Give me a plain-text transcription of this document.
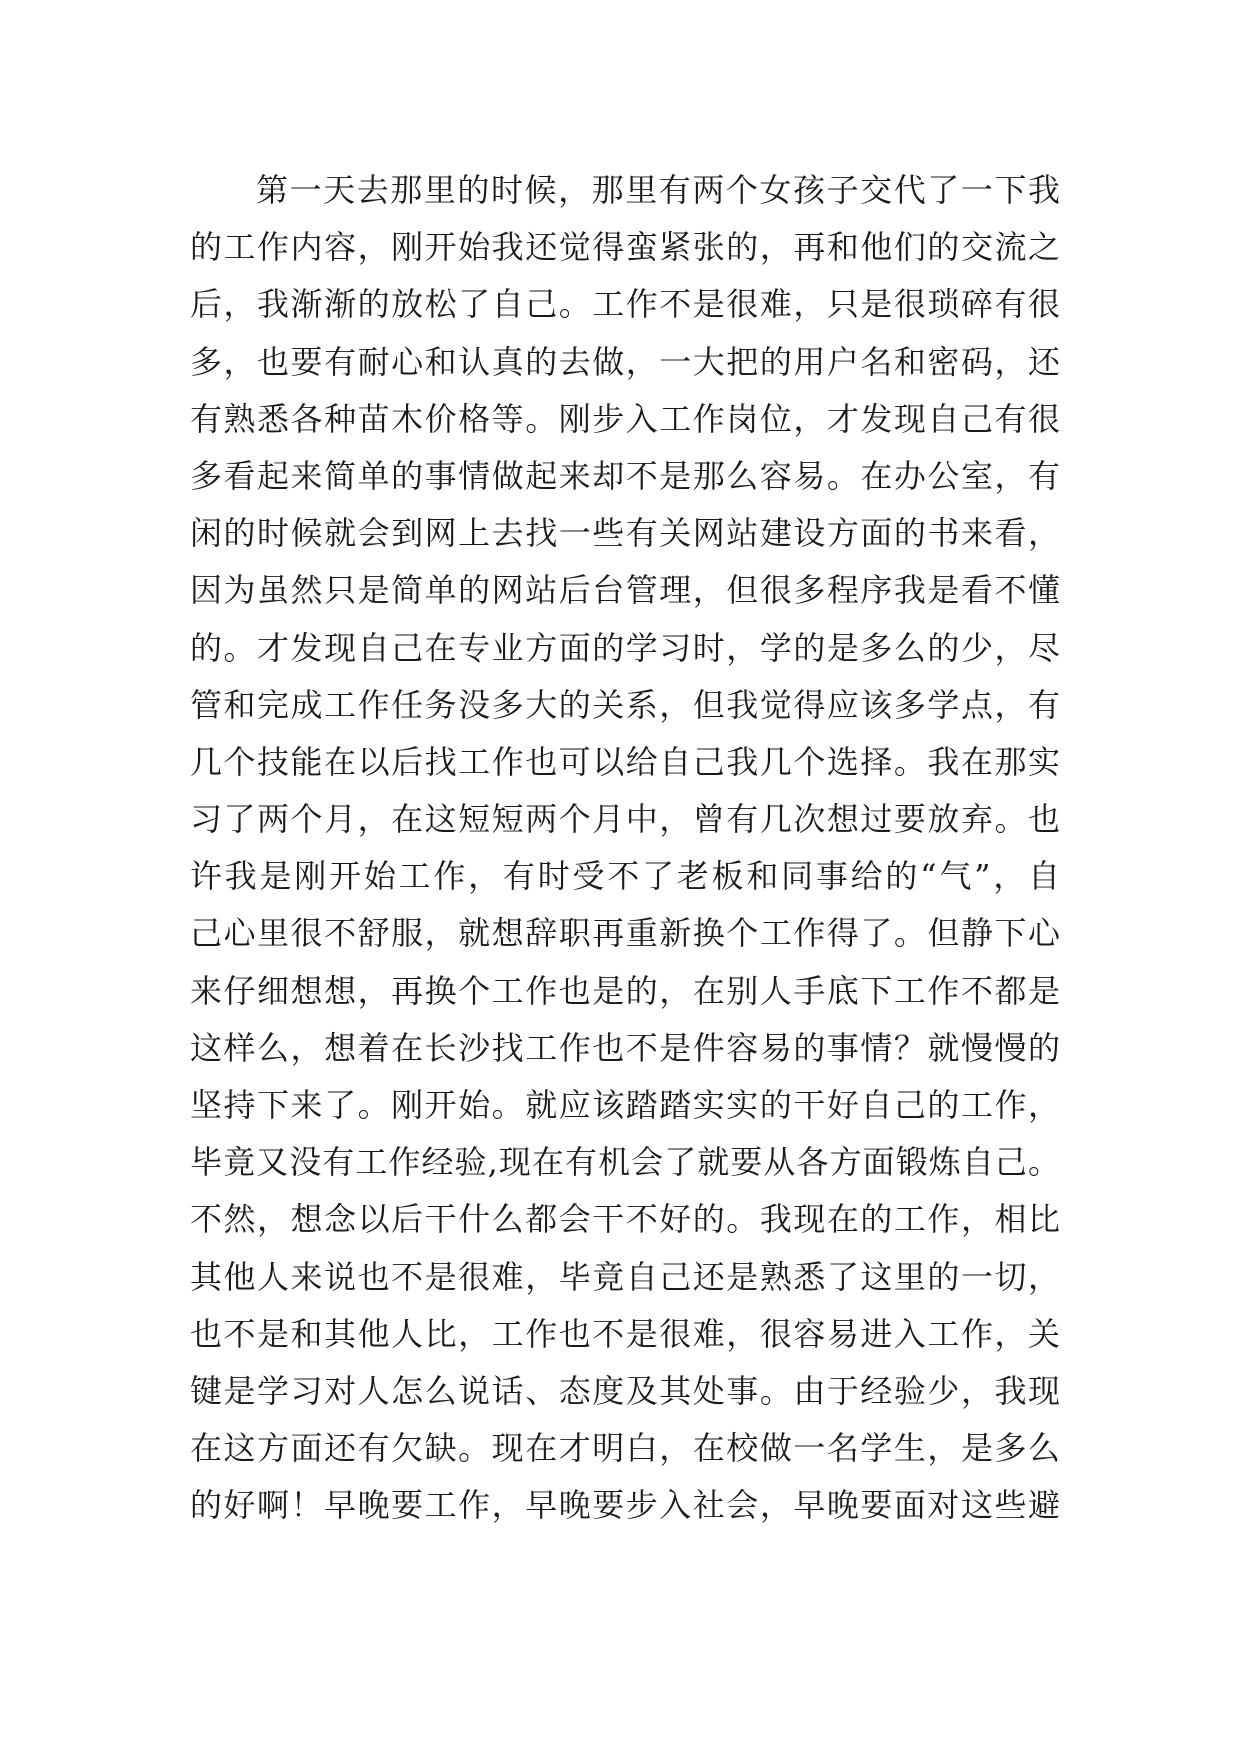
第一天去那里的时候，那里有两个女孩子交代了一下我
的工作内容，刚开始我还觉得蛮紧张的，再和他们的交流之
后，我渐渐的放松了自己。工作不是很难，只是很琐碎有很
多，也要有耐心和认真的去做，一大把的用户名和密码，还
有熟悉各种苗木价格等。刚步入工作岗位，才发现自己有很
多看起来简单的事情做起来却不是那么容易。在办公室，有
闲的时候就会到网上去找一些有关网站建设方面的书来看，
因为虽然只是简单的网站后台管理，但很多程序我是看不懂
的。才发现自己在专业方面的学习时，学的是多么的少，尽
管和完成工作任务没多大的关系，但我觉得应该多学点，有
几个技能在以后找工作也可以给自己我几个选择。我在那实
习了两个月，在这短短两个月中，曾有几次想过要放弃。也
许我是刚开始工作，有时受不了老板和同事给的“气”，自
己心里很不舒服，就想辞职再重新换个工作得了。但静下心
来仔细想想，再换个工作也是的，在别人手底下工作不都是
这样么，想着在长沙找工作也不是件容易的事情？就慢慢的
坚持下来了。刚开始。就应该踏踏实实的干好自己的工作，
毕竟又没有工作经验,现在有机会了就要从各方面锻炼自己。
不然，想念以后干什么都会干不好的。我现在的工作，相比
其他人来说也不是很难，毕竟自己还是熟悉了这里的一切，
也不是和其他人比，工作也不是很难，很容易进入工作，关
键是学习对人怎么说话、态度及其处事。由于经验少，我现
在这方面还有欠缺。现在才明白，在校做一名学生，是多么
的好啊！早晚要工作，早晚要步入社会，早晚要面对这些避
